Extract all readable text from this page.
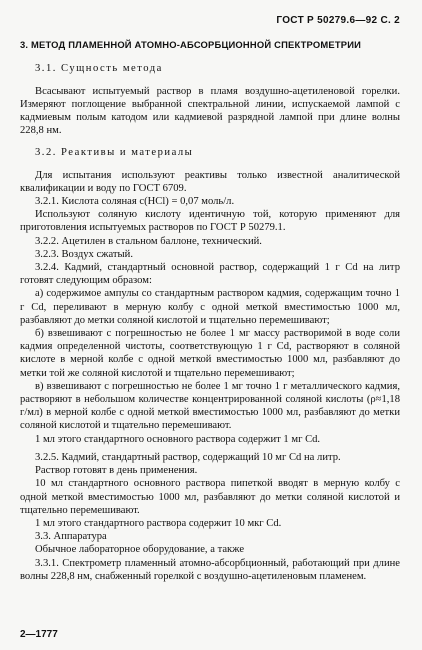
ГОСТ Р 50279.6—92 С. 2
3. МЕТОД ПЛАМЕННОЙ АТОМНО-АБСОРБЦИОННОЙ СПЕКТРОМЕТРИИ
3.1. Сущность метода

Всасывают испытуемый раствор в пламя воздушно-ацетиленовой горелки. Измеряют поглощение выбранной спектральной линии, испускаемой лампой с кадмиевым полым катодом или кадмиевой разрядной лампой при длине волны 228,8 нм.

3.2. Реактивы и материалы

Для испытания используют реактивы только известной аналитической квалификации и воду по ГОСТ 6709.

3.2.1. Кислота соляная с(HCl) = 0,07 моль/л.

Используют соляную кислоту идентичную той, которую применяют для приготовления испытуемых растворов по ГОСТ Р 50279.1.

3.2.2. Ацетилен в стальном баллоне, технический.

3.2.3. Воздух сжатый.

3.2.4. Кадмий, стандартный основной раствор, содержащий 1 г Cd на литр готовят следующим образом:

а) содержимое ампулы со стандартным раствором кадмия, содержащим точно 1 г Cd, переливают в мерную колбу с одной меткой вместимостью 1000 мл, разбавляют до метки соляной кислотой и тщательно перемешивают;

б) взвешивают с погрешностью не более 1 мг массу растворимой в воде соли кадмия определенной чистоты, соответствующую 1 г Cd, растворяют в соляной кислоте в мерной колбе с одной меткой вместимостью 1000 мл, разбавляют до метки той же соляной кислотой и тщательно перемешивают;

в) взвешивают с погрешностью не более 1 мг точно 1 г металлического кадмия, растворяют в небольшом количестве концентрированной соляной кислоты (ρ≈1,18 г/мл) в мерной колбе с одной меткой вместимостью 1000 мл, разбавляют до метки соляной кислотой и тщательно перемешивают.

1 мл этого стандартного основного раствора содержит 1 мг Cd.

3.2.5. Кадмий, стандартный раствор, содержащий 10 мг Cd на литр.

Раствор готовят в день применения.

10 мл стандартного основного раствора пипеткой вводят в мерную колбу с одной меткой вместимостью 1000 мл, разбавляют до метки соляной кислотой и тщательно перемешивают.

1 мл этого стандартного раствора содержит 10 мкг Cd.

3.3. Аппаратура

Обычное лабораторное оборудование, а также

3.3.1. Спектрометр пламенный атомно-абсорбционный, работающий при длине волны 228,8 нм, снабженный горелкой с воздушно-ацетиленовым пламенем.

2—1777
